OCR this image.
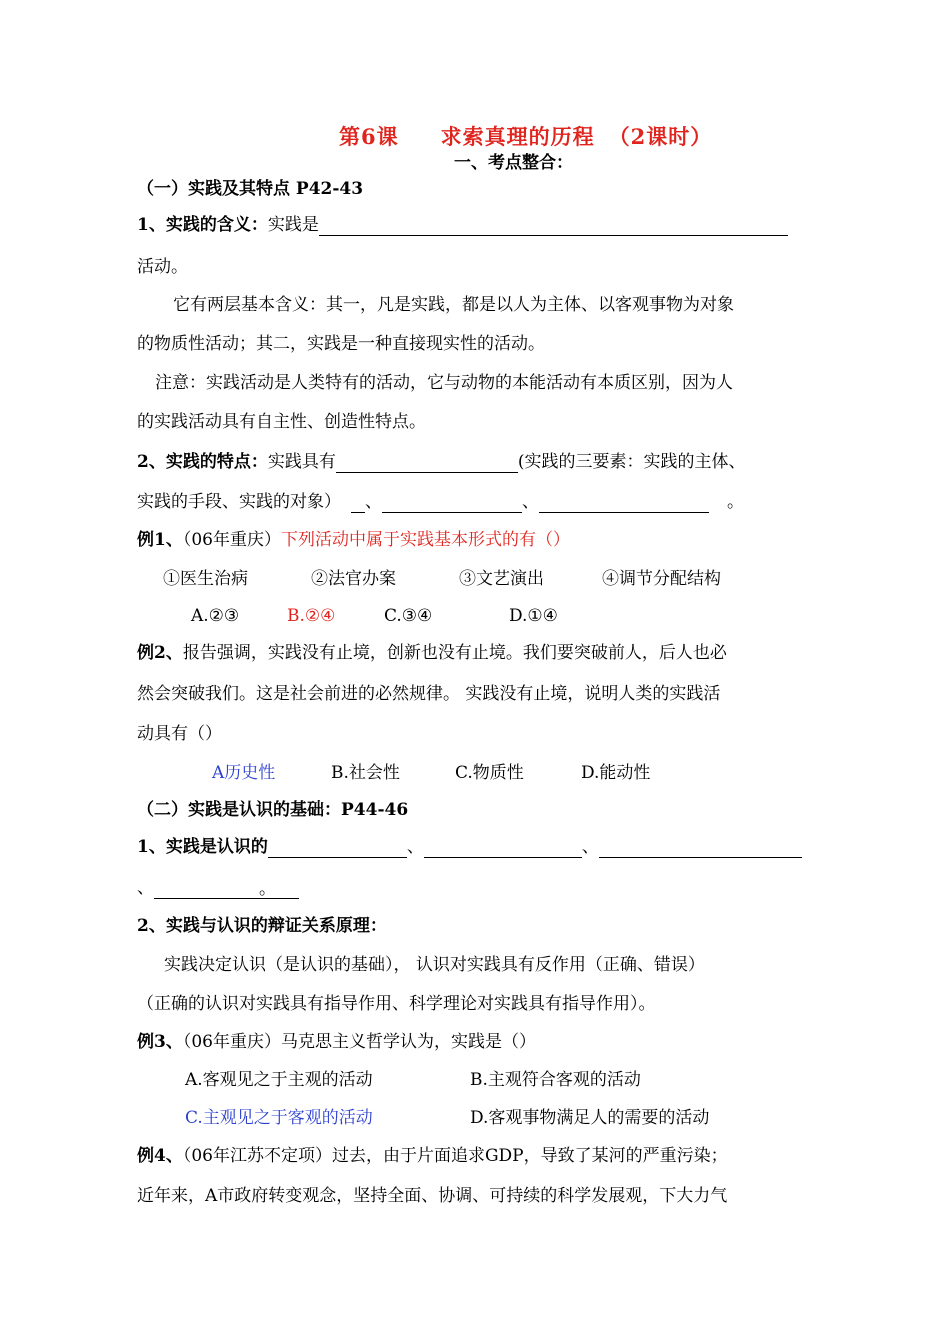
第6课 求索真理的历程 （2课时）
一、考点整合：
（一）实践及其特点 P42-43
1、实践的含义：实践是
活动。
它有两层基本含义：其一，凡是实践，都是以人为主体、以客观事物为对象
的物质性活动；其二，实践是一种直接现实性的活动。
注意：实践活动是人类特有的活动，它与动物的本能活动有本质区别，因为人
的实践活动具有自主性、创造性特点。
2、实践的特点：实践具有	(实践的三要素：实践的主体、
实践的手段、实践的对象） 、	、	。
例1、（06年重庆）下列活动中属于实践基本形式的有（）
①医生治病	②法官办案	③文艺演出	④调节分配结构
A.②③	B.②④	C.③④	D.①④
例2、报告强调，实践没有止境，创新也没有止境。我们要突破前人，后人也必
然会突破我们。这是社会前进的必然规律。 实践没有止境，说明人类的实践活
动具有（）
A历史性	B.社会性	C.物质性	D.能动性
（二）实践是认识的基础：P44-46
1、实践是认识的	、	、
、	。
2、实践与认识的辩证关系原理：
实践决定认识（是认识的基础）， 认识对实践具有反作用（正确、错误）
（正确的认识对实践具有指导作用、科学理论对实践具有指导作用）。
例3、（06年重庆）马克思主义哲学认为，实践是（）
A.客观见之于主观的活动	B.主观符合客观的活动
C.主观见之于客观的活动	D.客观事物满足人的需要的活动
例4、（06年江苏不定项）过去，由于片面追求GDP，导致了某河的严重污染；
近年来，A市政府转变观念，坚持全面、协调、可持续的科学发展观，下大力气
